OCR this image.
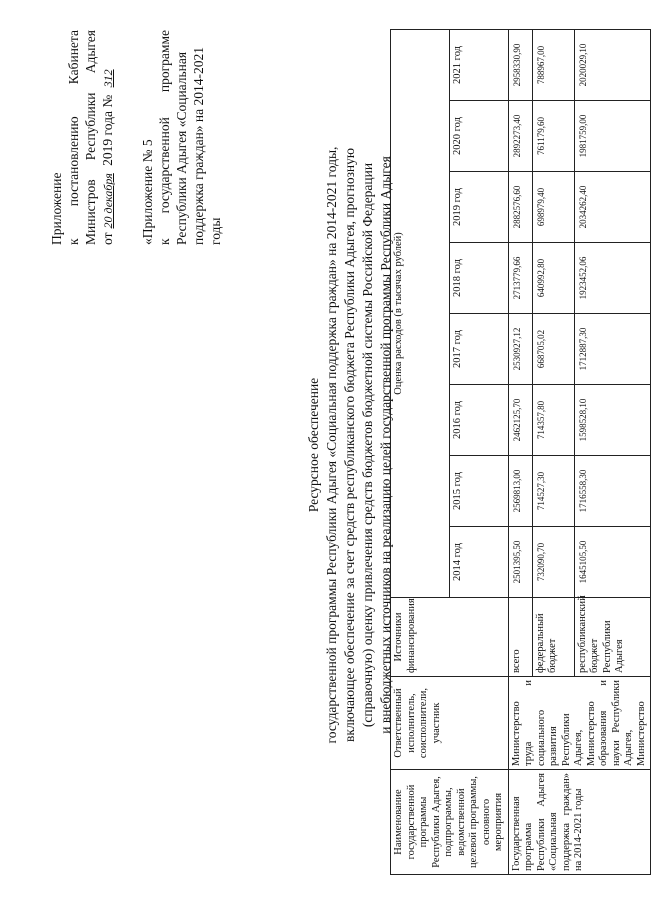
Приложение к
постановлению
Кабинета
Министров
Республики
Адыгея
от20 декабря 2019 года № 312
«Приложение № 5 к
государственной
программе Республики Адыгея «Социальная поддержка граждан» на 2014-2021 годы
Ресурсное обеспечение государственной программы Республики Адыгея «Социальная поддержка граждан» на 2014-2021 годы, включающее обеспечение за счет средств республиканского бюджета Республики Адыгея, прогнозную (справочную) оценку привлечения средств бюджетов бюджетной системы Российской Федерации и внебюджетных источников на реализацию целей государственной программы Республики Адыгея
Наименование государственной программы Республики Адыгея, подпрограммы, ведомственной целевой программы, основного мероприятия	Ответственный исполнитель, соисполнители, участник	Источники финансирования	Оценка расходов (в тысячах рублей)							
			2014 год	2015 год	2016 год	2017 год	2018 год	2019 год	2020 год	2021 год
Государственная программа Республики Адыгея «Социальная поддержка граждан» на 2014-2021 годы	Министерство труда и социального развития Республики Адыгея, Министерство образования и науки Республики Адыгея, Министерство	всего	2501395,50	2569813,00	2462125,70	2530927,12	2713779,66	2882576,60	2892273,40	2958330,90
		федеральный бюджет	732090,70	714527,30	714357,80	668705,02	640992,80	698979,40	761179,60	788967,00
		республиканский бюджет Республики Адыгея	1645105,50	1716558,30	1598528,10	1712887,30	1923452,06	2034262,40	1981759,00	2020029,10
